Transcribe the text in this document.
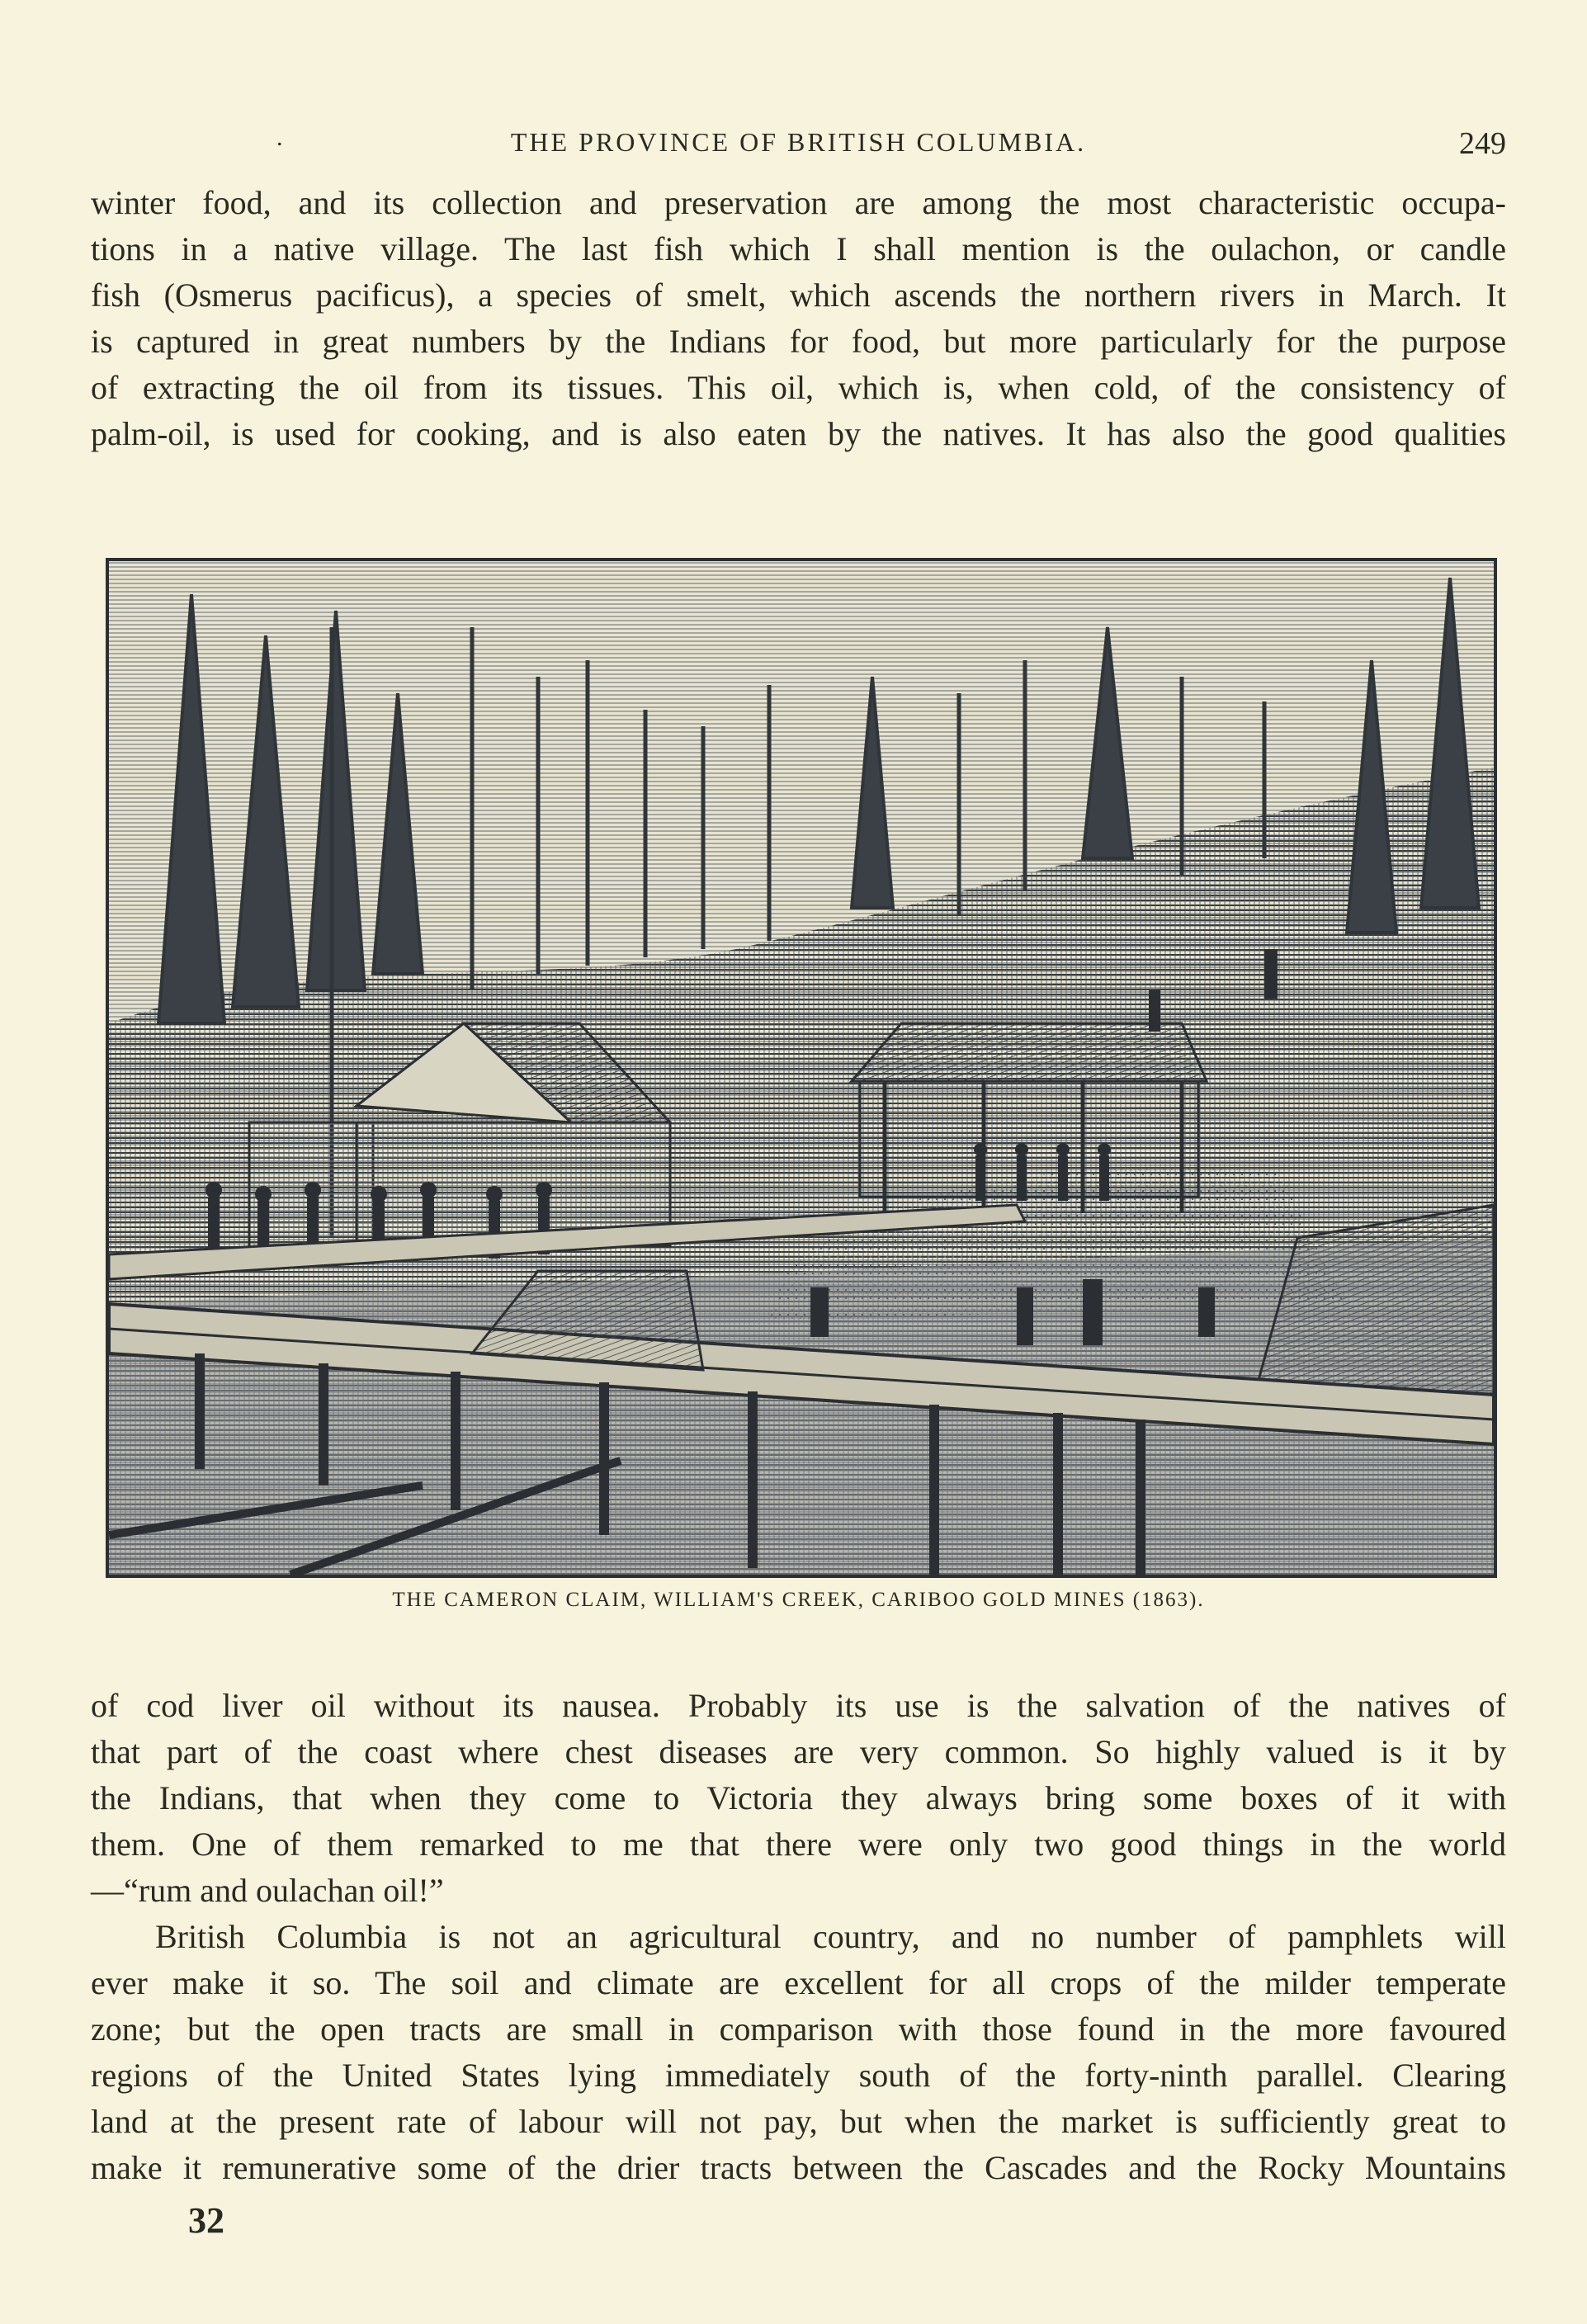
.	THE PROVINCE OF BRITISH COLUMBIA.	249
winter food, and its collection and preservation are among the most characteristic occupa-
tions in a native village. The last fish which I shall mention is the oulachon, or candle
fish (Osmerus pacificus), a species of smelt, which ascends the northern rivers in March. It
is captured in great numbers by the Indians for food, but more particularly for the purpose
of extracting the oil from its tissues. This oil, which is, when cold, of the consistency of
palm-oil, is used for cooking, and is also eaten by the natives. It has also the good qualities
THE CAMERON CLAIM, WILLIAM'S CREEK, CARIBOO GOLD MINES (1863).
of cod liver oil without its nausea. Probably its use is the salvation of the natives of
that part of the coast where chest diseases are very common. So highly valued is it by
the Indians, that when they come to Victoria they always bring some boxes of it with
them. One of them remarked to me that there were only two good things in the world
—“rum and oulachan oil!”
British Columbia is not an agricultural country, and no number of pamphlets will
ever make it so. The soil and climate are excellent for all crops of the milder temperate
zone; but the open tracts are small in comparison with those found in the more favoured
regions of the United States lying immediately south of the forty-ninth parallel. Clearing
land at the present rate of labour will not pay, but when the market is sufficiently great to
make it remunerative some of the drier tracts between the Cascades and the Rocky Mountains
32
